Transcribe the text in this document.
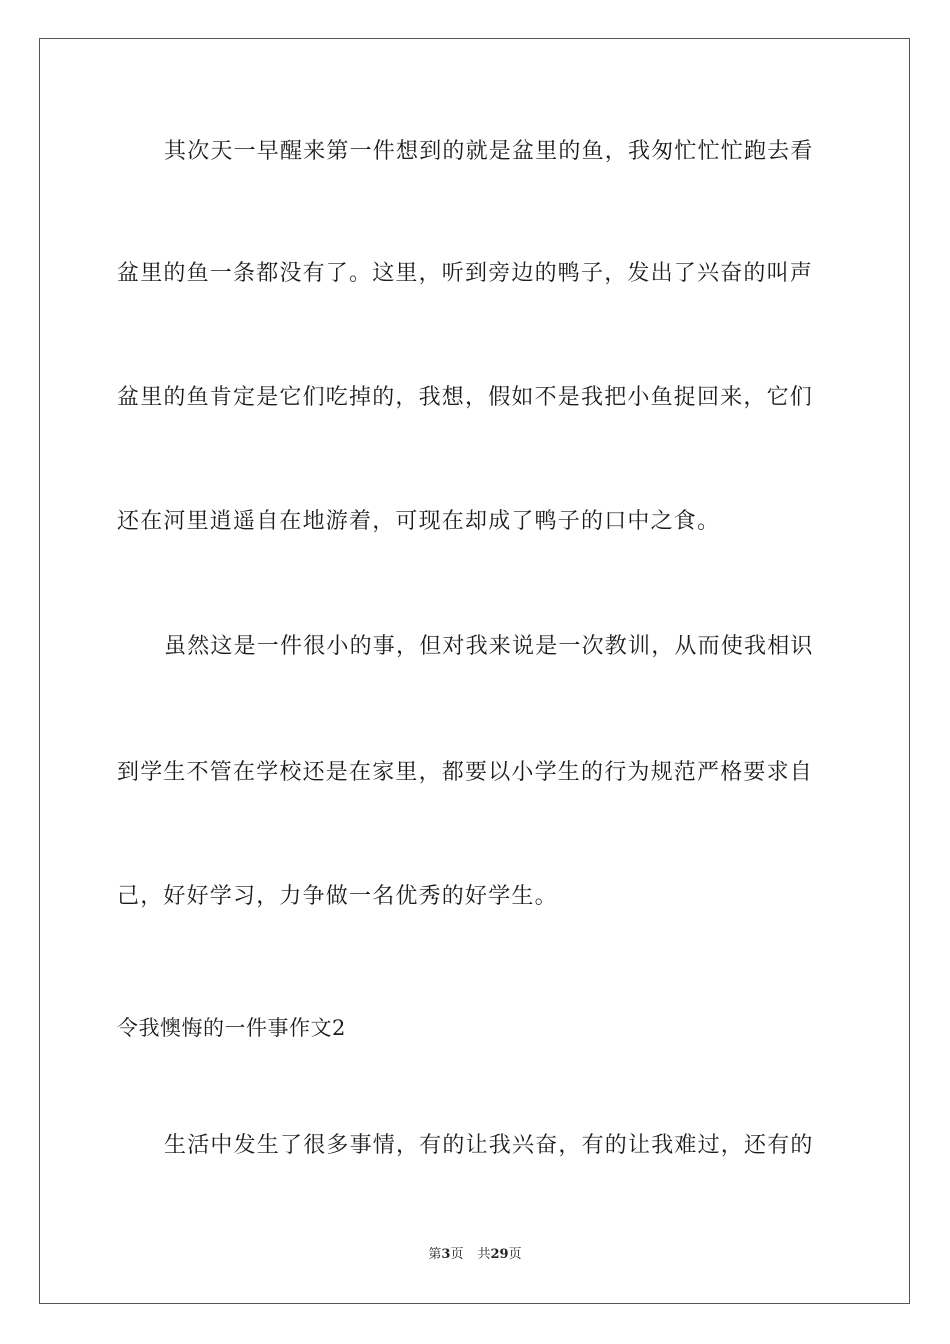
其次天一早醒来第一件想到的就是盆里的鱼，我匆忙忙忙跑去看
盆里的鱼一条都没有了。这里，听到旁边的鸭子，发出了兴奋的叫声
盆里的鱼肯定是它们吃掉的，我想，假如不是我把小鱼捉回来，它们
还在河里逍遥自在地游着，可现在却成了鸭子的口中之食。
虽然这是一件很小的事，但对我来说是一次教训，从而使我相识
到学生不管在学校还是在家里，都要以小学生的行为规范严格要求自
己，好好学习，力争做一名优秀的好学生。
令我懊悔的一件事作文2
生活中发生了很多事情，有的让我兴奋，有的让我难过，还有的
第3页 共29页
